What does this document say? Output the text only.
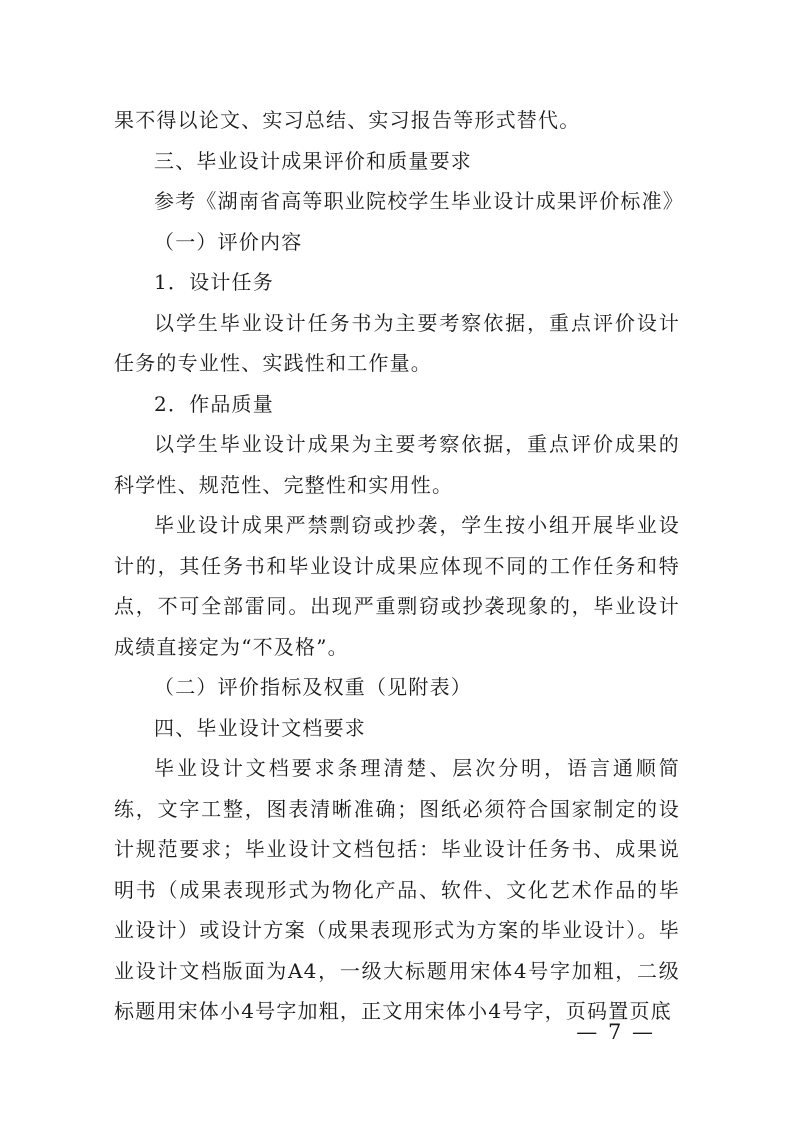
果不得以论文、实习总结、实习报告等形式替代。

三、毕业设计成果评价和质量要求

参考《湖南省高等职业院校学生毕业设计成果评价标准》

（一）评价内容

1．设计任务

以学生毕业设计任务书为主要考察依据，重点评价设计任务的专业性、实践性和工作量。

2．作品质量

以学生毕业设计成果为主要考察依据，重点评价成果的科学性、规范性、完整性和实用性。

毕业设计成果严禁剽窃或抄袭，学生按小组开展毕业设计的，其任务书和毕业设计成果应体现不同的工作任务和特点，不可全部雷同。出现严重剽窃或抄袭现象的，毕业设计成绩直接定为“不及格”。

（二）评价指标及权重（见附表）

四、毕业设计文档要求

毕业设计文档要求条理清楚、层次分明，语言通顺简练，文字工整，图表清晰准确；图纸必须符合国家制定的设计规范要求；毕业设计文档包括：毕业设计任务书、成果说明书（成果表现形式为物化产品、软件、文化艺术作品的毕业设计）或设计方案（成果表现形式为方案的毕业设计）。毕业设计文档版面为A4，一级大标题用宋体4号字加粗，二级标题用宋体小4号字加粗，正文用宋体小4号字，页码置页底

— 7 —
